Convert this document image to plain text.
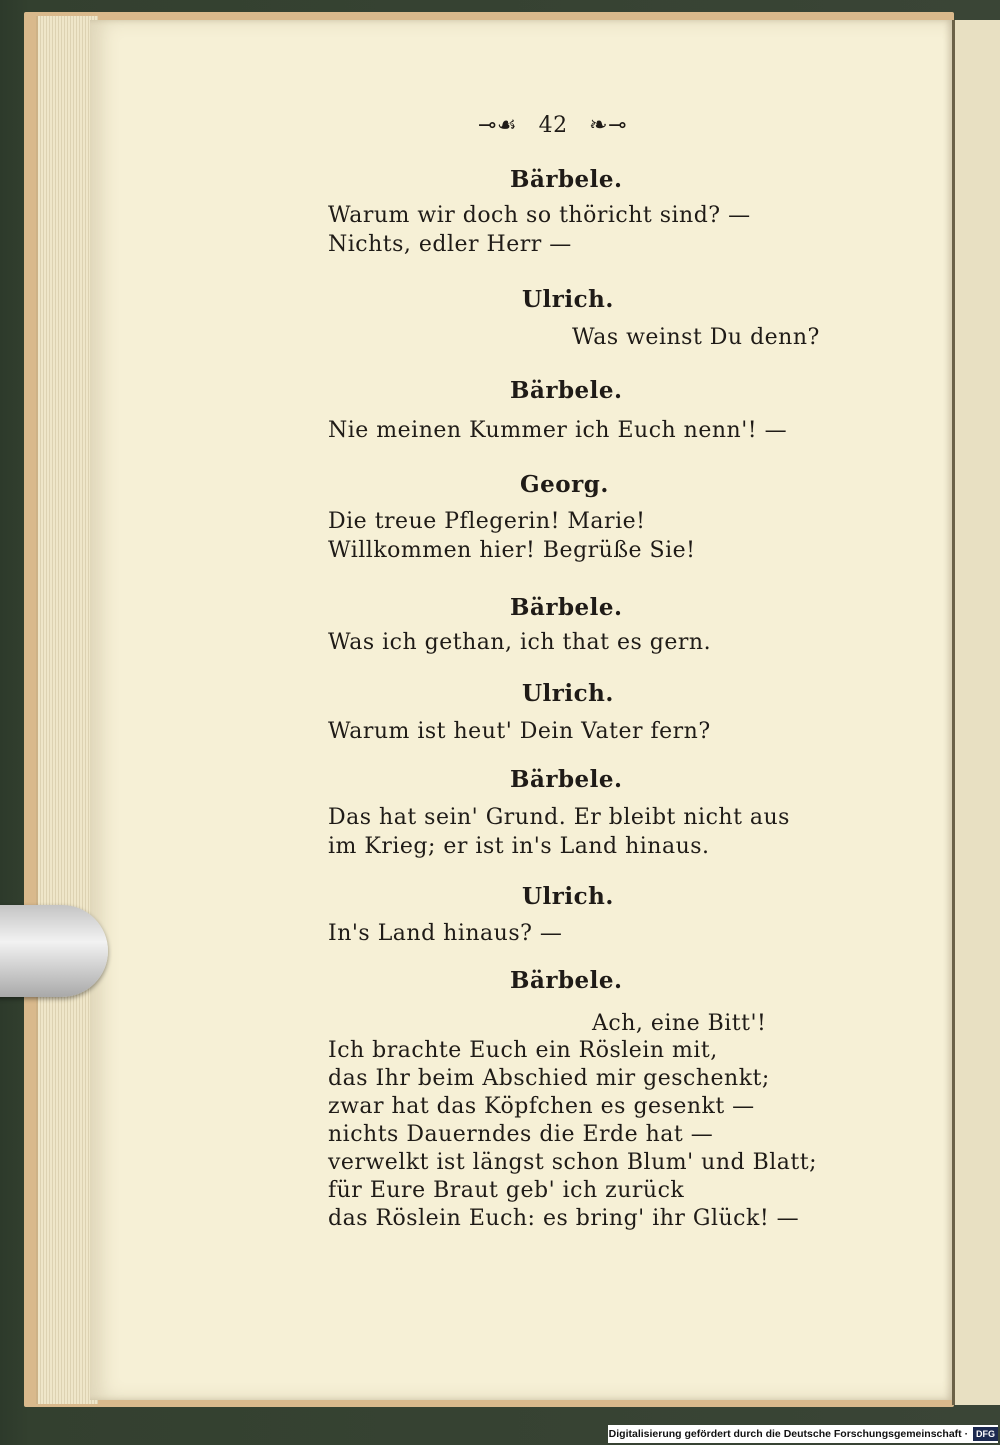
⊸☙ 42 ❧⊸
Bärbele.
Warum wir doch so thöricht sind? —
Nichts, edler Herr —
Ulrich.
Was weinst Du denn?
Bärbele.
Nie meinen Kummer ich Euch nenn'! —
Georg.
Die treue Pflegerin! Marie!
Willkommen hier! Begrüße Sie!
Bärbele.
Was ich gethan, ich that es gern.
Ulrich.
Warum ist heut' Dein Vater fern?
Bärbele.
Das hat sein' Grund. Er bleibt nicht aus
im Krieg; er ist in's Land hinaus.
Ulrich.
In's Land hinaus? —
Bärbele.
Ach, eine Bitt'!
Ich brachte Euch ein Röslein mit,
das Ihr beim Abschied mir geschenkt;
zwar hat das Köpfchen es gesenkt —
nichts Dauerndes die Erde hat —
verwelkt ist längst schon Blum' und Blatt;
für Eure Braut geb' ich zurück
das Röslein Euch: es bring' ihr Glück! —
Digitalisierung gefördert durch die Deutsche Forschungsgemeinschaft · DFG
